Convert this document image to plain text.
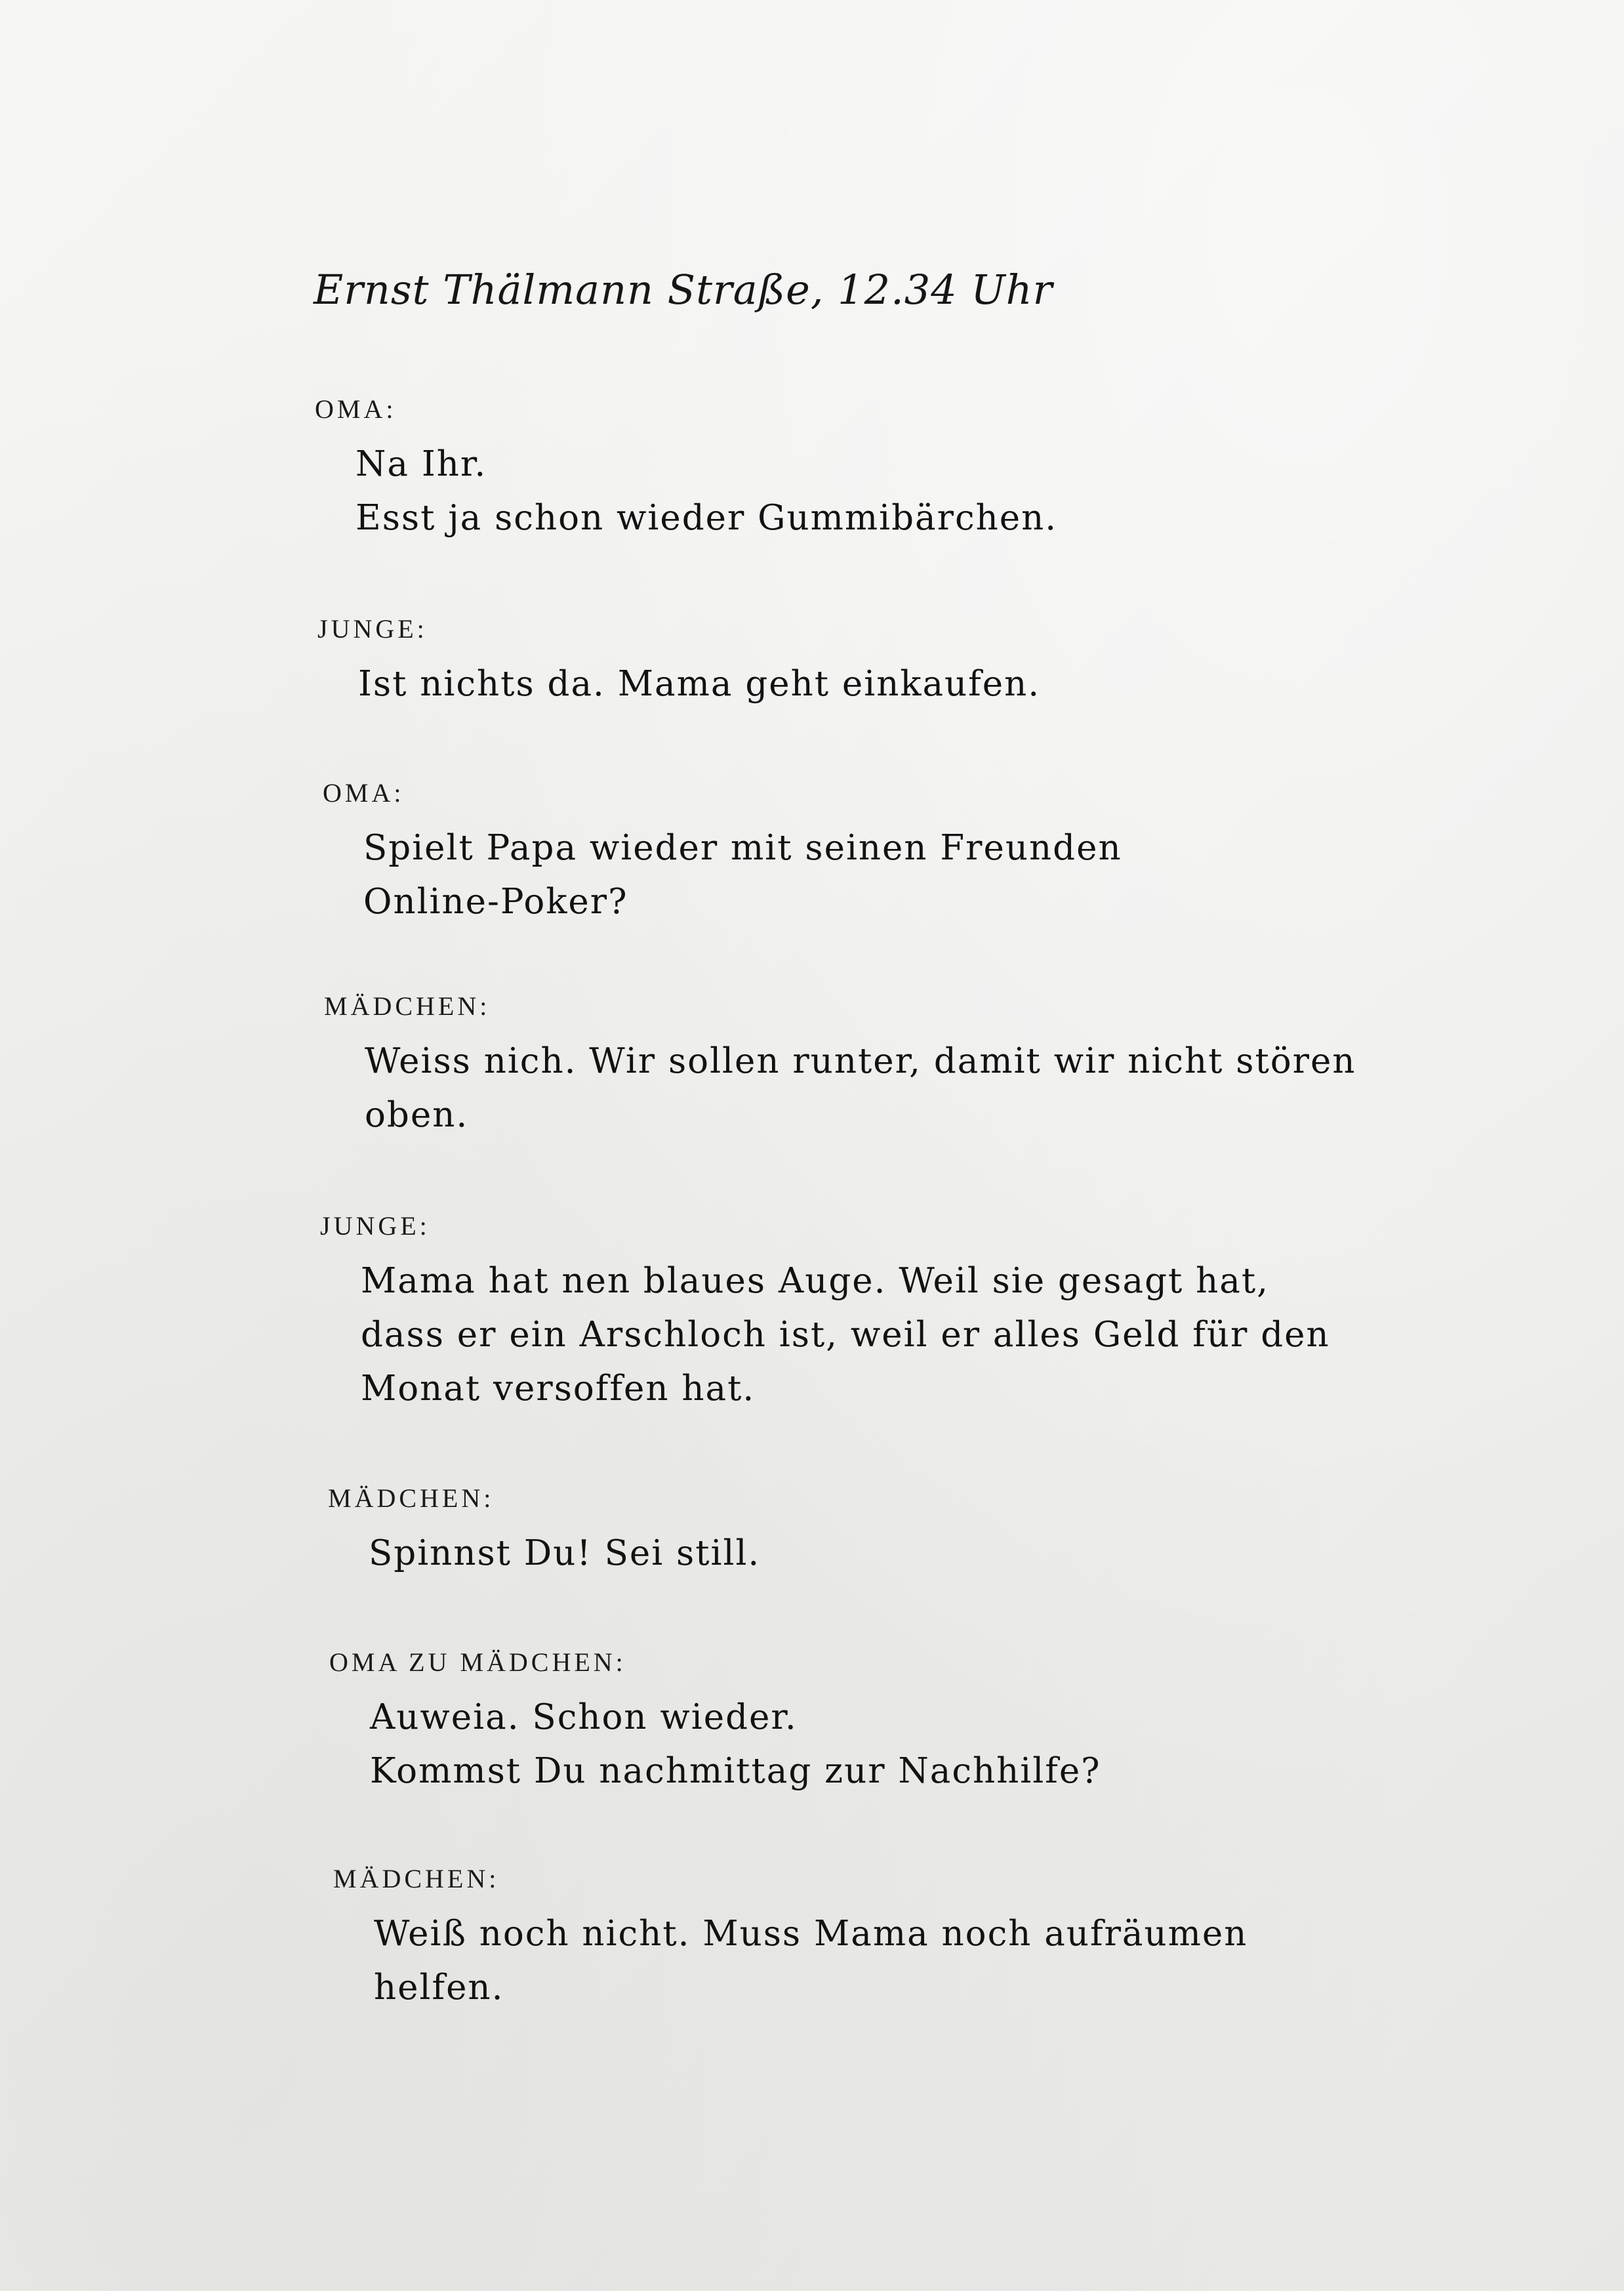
Ernst Thälmann Straße, 12.34 Uhr
OMA:
Na Ihr.
Esst ja schon wieder Gummibärchen.
JUNGE:
Ist nichts da. Mama geht einkaufen.
OMA:
Spielt Papa wieder mit seinen Freunden
Online-Poker?
MÄDCHEN:
Weiss nich. Wir sollen runter, damit wir nicht stören
oben.
JUNGE:
Mama hat nen blaues Auge. Weil sie gesagt hat,
dass er ein Arschloch ist, weil er alles Geld für den
Monat versoffen hat.
MÄDCHEN:
Spinnst Du! Sei still.
OMA ZU MÄDCHEN:
Auweia. Schon wieder.
Kommst Du nachmittag zur Nachhilfe?
MÄDCHEN:
Weiß noch nicht. Muss Mama noch aufräumen
helfen.
